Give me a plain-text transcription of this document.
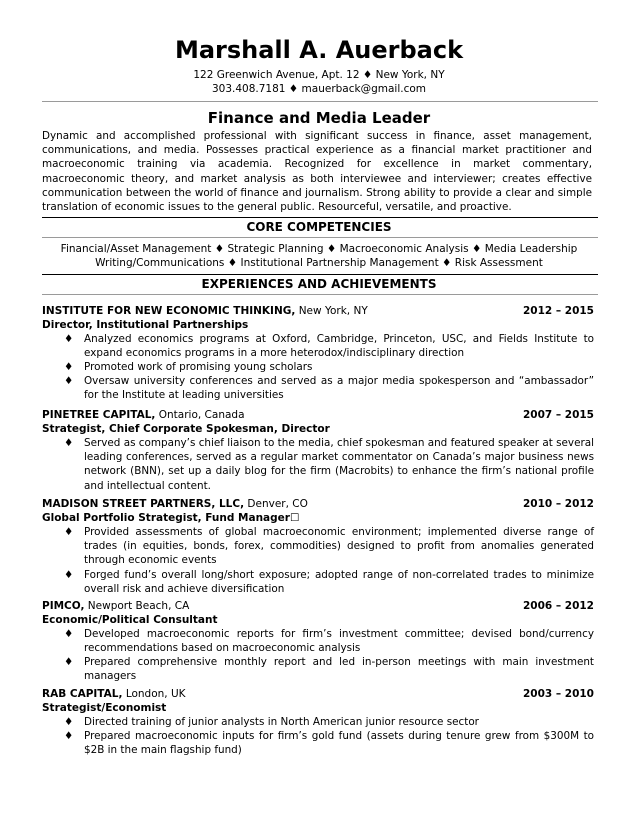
Marshall A. Auerback
122 Greenwich Avenue, Apt. 12 ♦ New York, NY
303.408.7181 ♦ mauerback@gmail.com
Finance and Media Leader
Dynamic and accomplished professional with significant success in finance, asset management, communications, and media. Possesses practical experience as a financial market practitioner and macroeconomic training via academia. Recognized for excellence in market commentary, macroeconomic theory, and market analysis as both interviewee and interviewer; creates effective communication between the world of finance and journalism. Strong ability to provide a clear and simple translation of economic issues to the general public. Resourceful, versatile, and proactive.
CORE COMPETENCIES
Financial/Asset Management ♦ Strategic Planning ♦ Macroeconomic Analysis ♦ Media Leadership
Writing/Communications ♦ Institutional Partnership Management ♦ Risk Assessment
EXPERIENCES AND ACHIEVEMENTS
INSTITUTE FOR NEW ECONOMIC THINKING, New York, NY	2012 – 2015
Director, Institutional Partnerships
♦ Analyzed economics programs at Oxford, Cambridge, Princeton, USC, and Fields Institute to expand economics programs in a more heterodox/indisciplinary direction
♦ Promoted work of promising young scholars
♦ Oversaw university conferences and served as a major media spokesperson and “ambassador” for the Institute at leading universities
PINETREE CAPITAL, Ontario, Canada	2007 – 2015
Strategist, Chief Corporate Spokesman, Director
♦ Served as company’s chief liaison to the media, chief spokesman and featured speaker at several leading conferences, served as a regular market commentator on Canada’s major business news network (BNN), set up a daily blog for the firm (Macrobits) to enhance the firm’s national profile and intellectual content.
MADISON STREET PARTNERS, LLC, Denver, CO	2010 – 2012
Global Portfolio Strategist, Fund Manager☐
♦ Provided assessments of global macroeconomic environment; implemented diverse range of trades (in equities, bonds, forex, commodities) designed to profit from anomalies generated through economic events
♦ Forged fund’s overall long/short exposure; adopted range of non-correlated trades to minimize overall risk and achieve diversification
PIMCO, Newport Beach, CA	2006 – 2012
Economic/Political Consultant
♦ Developed macroeconomic reports for firm’s investment committee; devised bond/currency recommendations based on macroeconomic analysis
♦ Prepared comprehensive monthly report and led in-person meetings with main investment managers
RAB CAPITAL, London, UK	2003 – 2010
Strategist/Economist
♦ Directed training of junior analysts in North American junior resource sector
♦ Prepared macroeconomic inputs for firm’s gold fund (assets during tenure grew from $300M to $2B in the main flagship fund)
